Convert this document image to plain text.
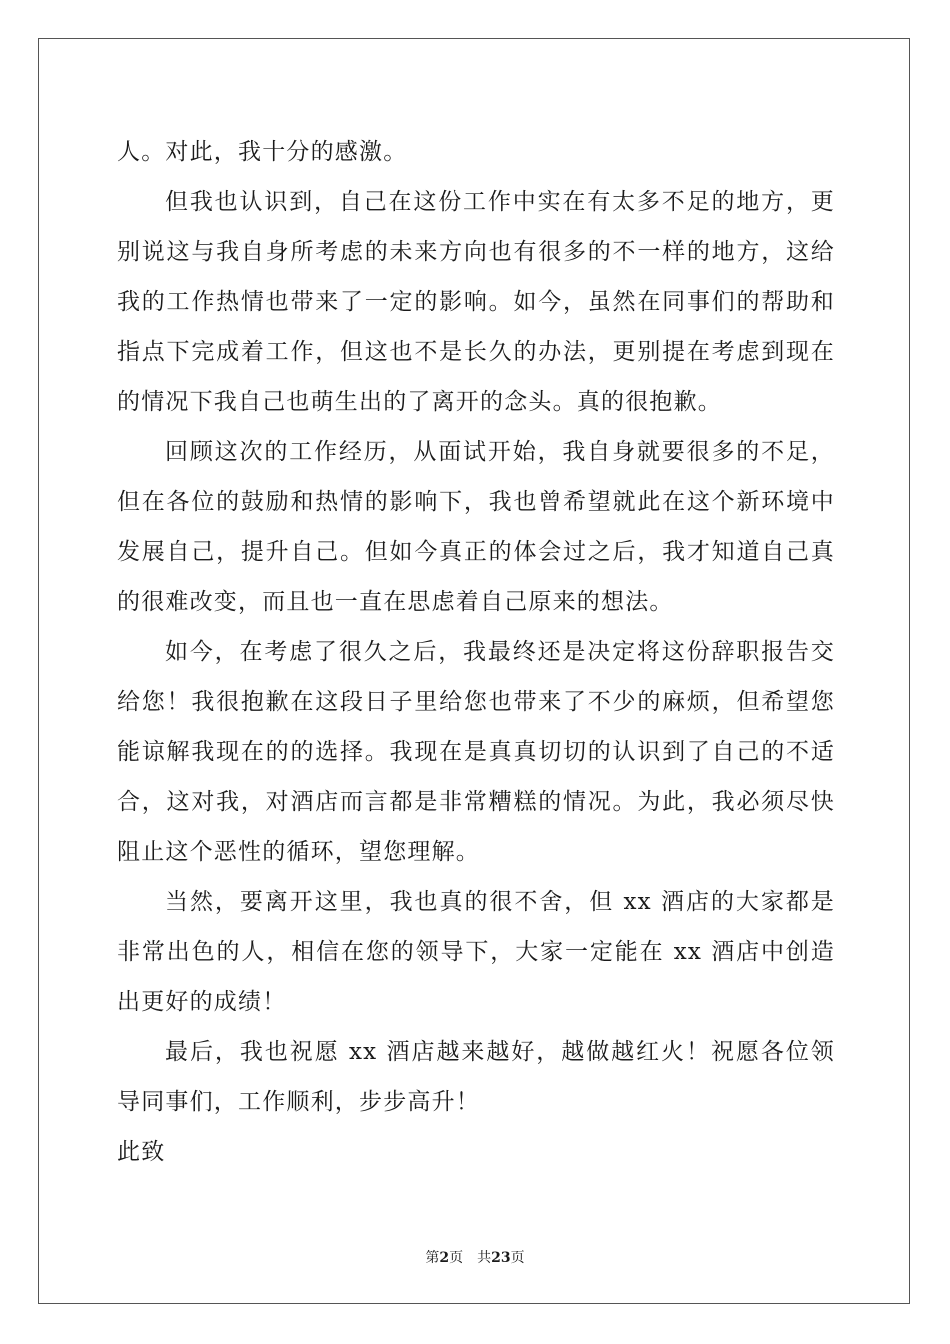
人。对此，我十分的感激。

但我也认识到，自己在这份工作中实在有太多不足的地方，更别说这与我自身所考虑的未来方向也有很多的不一样的地方，这给我的工作热情也带来了一定的影响。如今，虽然在同事们的帮助和指点下完成着工作，但这也不是长久的办法，更别提在考虑到现在的情况下我自己也萌生出的了离开的念头。真的很抱歉。

回顾这次的工作经历，从面试开始，我自身就要很多的不足，但在各位的鼓励和热情的影响下，我也曾希望就此在这个新环境中发展自己，提升自己。但如今真正的体会过之后，我才知道自己真的很难改变，而且也一直在思虑着自己原来的想法。

如今，在考虑了很久之后，我最终还是决定将这份辞职报告交给您！我很抱歉在这段日子里给您也带来了不少的麻烦，但希望您能谅解我现在的的选择。我现在是真真切切的认识到了自己的不适合，这对我，对酒店而言都是非常糟糕的情况。为此，我必须尽快阻止这个恶性的循环，望您理解。

当然，要离开这里，我也真的很不舍，但 xx 酒店的大家都是非常出色的人，相信在您的领导下，大家一定能在 xx 酒店中创造出更好的成绩！

最后，我也祝愿 xx 酒店越来越好，越做越红火！祝愿各位领导同事们，工作顺利，步步高升！

此致

第2页 共23页
